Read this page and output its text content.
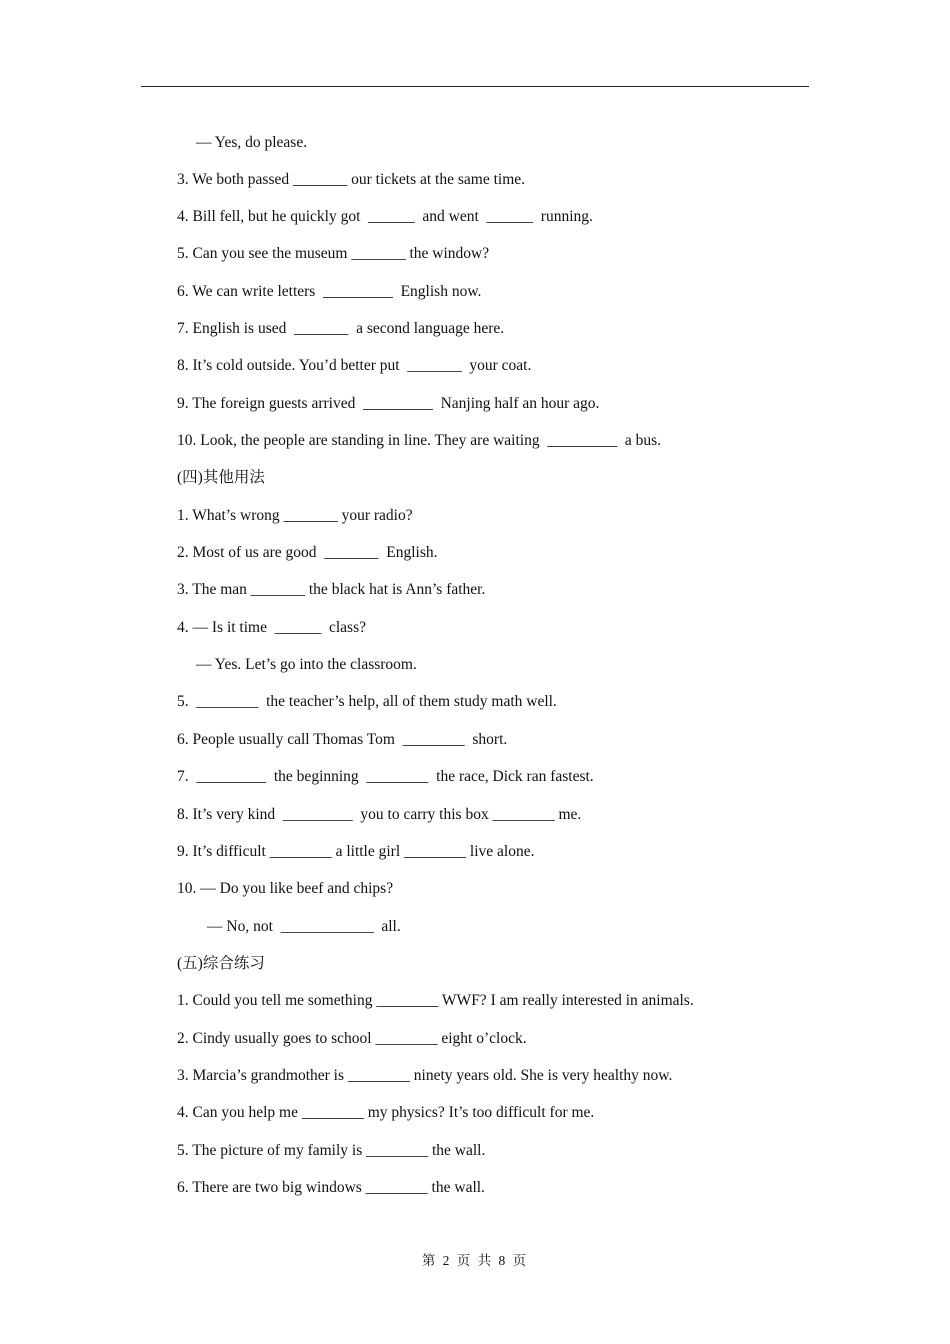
— Yes, do please.
3. We both passed _______ our tickets at the same time.
4. Bill fell, but he quickly got  ______  and went  ______  running.
5. Can you see the museum _______ the window?
6. We can write letters  _________  English now.
7. English is used  _______  a second language here.
8. It’s cold outside. You’d better put  _______  your coat.
9. The foreign guests arrived  _________  Nanjing half an hour ago.
10. Look, the people are standing in line. They are waiting  _________  a bus.
(四)其他用法
1. What’s wrong _______ your radio?
2. Most of us are good  _______  English.
3. The man _______ the black hat is Ann’s father.
4. — Is it time  ______  class?
— Yes. Let’s go into the classroom.
5.  ________  the teacher’s help, all of them study math well.
6. People usually call Thomas Tom  ________  short.
7.  _________  the beginning  ________  the race, Dick ran fastest.
8. It’s very kind  _________  you to carry this box ________ me.
9. It’s difficult ________ a little girl ________ live alone.
10. — Do you like beef and chips?
— No, not  ____________  all.
(五)综合练习
1. Could you tell me something ________ WWF? I am really interested in animals.
2. Cindy usually goes to school ________ eight o’clock.
3. Marcia’s grandmother is ________ ninety years old. She is very healthy now.
4. Can you help me ________ my physics? It’s too difficult for me.
5. The picture of my family is ________ the wall.
6. There are two big windows ________ the wall.
第 2 页 共 8 页
